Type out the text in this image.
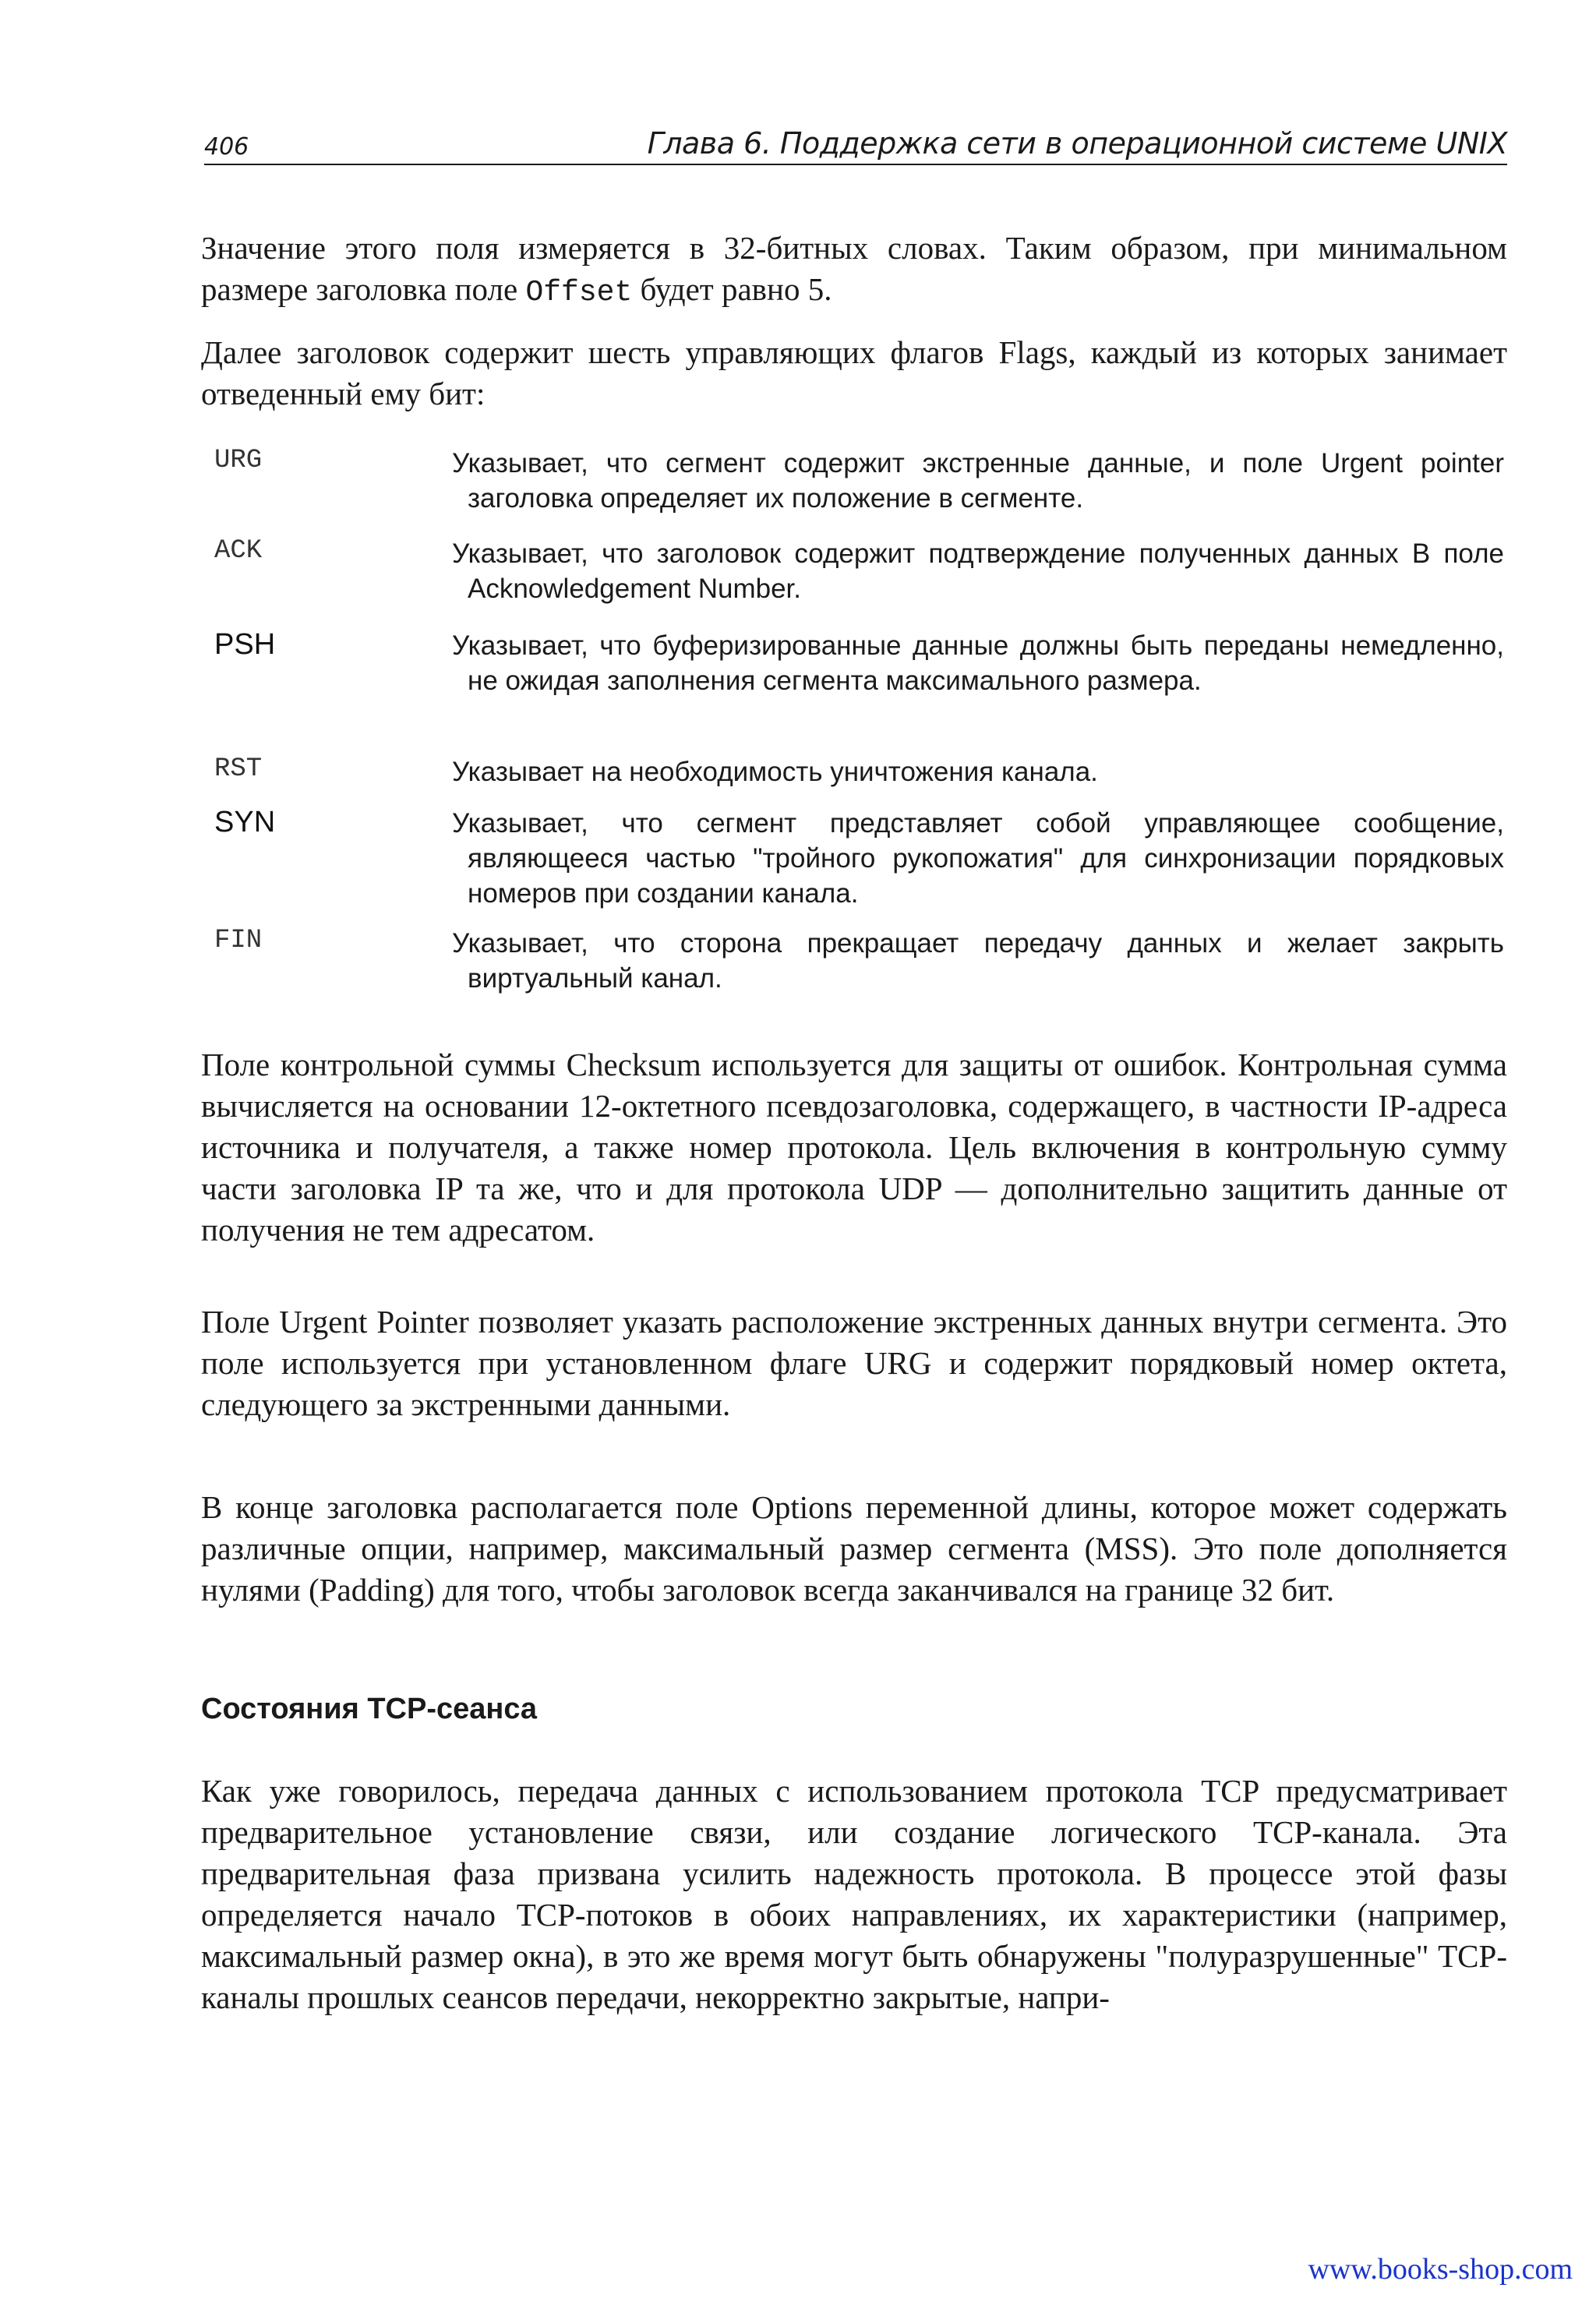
406	Глава 6. Поддержка сети в операционной системе UNIX

Значение этого поля измеряется в 32-битных словах. Таким образом, при минимальном размере заголовка поле Offset будет равно 5.

Далее заголовок содержит шесть управляющих флагов Flags, каждый из которых занимает отведенный ему бит:

URG	Указывает, что сегмент содержит экстренные данные, и поле Urgent pointer заголовка определяет их положение в сегменте.
ACK	Указывает, что заголовок содержит подтверждение полученных данных В поле Acknowledgement Number.
PSH	Указывает, что буферизированные данные должны быть переданы немедленно, не ожидая заполнения сегмента максимального размера.
RST	Указывает на необходимость уничтожения канала.
SYN	Указывает, что сегмент представляет собой управляющее сообщение, являющееся частью "тройного рукопожатия" для синхронизации порядковых номеров при создании канала.
FIN	Указывает, что сторона прекращает передачу данных и желает закрыть виртуальный канал.

Поле контрольной суммы Checksum используется для защиты от ошибок. Контрольная сумма вычисляется на основании 12-октетного псевдозаголовка, содержащего, в частности IP-адреса источника и получателя, а также номер протокола. Цель включения в контрольную сумму части заголовка IP та же, что и для протокола UDP — дополнительно защитить данные от получения не тем адресатом.

Поле Urgent Pointer позволяет указать расположение экстренных данных внутри сегмента. Это поле используется при установленном флаге URG и содержит порядковый номер октета, следующего за экстренными данными.

В конце заголовка располагается поле Options переменной длины, которое может содержать различные опции, например, максимальный размер сегмента (MSS). Это поле дополняется нулями (Padding) для того, чтобы заголовок всегда заканчивался на границе 32 бит.

Состояния TCP-сеанса

Как уже говорилось, передача данных с использованием протокола TCP предусматривает предварительное установление связи, или создание логического TCP-канала. Эта предварительная фаза призвана усилить надежность протокола. В процессе этой фазы определяется начало TCP-потоков в обоих направлениях, их характеристики (например, максимальный размер окна), в это же время могут быть обнаружены "полуразрушенные" TCP-каналы прошлых сеансов передачи, некорректно закрытые, напри-

www.books-shop.com
